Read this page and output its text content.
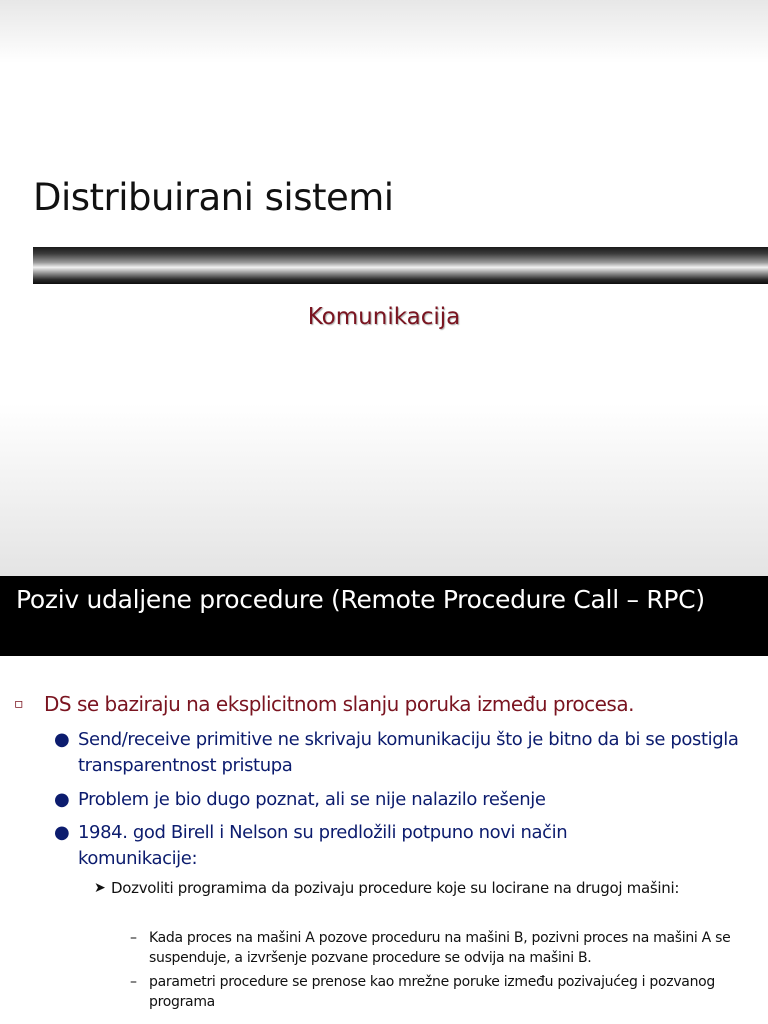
Distribuirani sistemi
Komunikacija
Poziv udaljene procedure (Remote Procedure Call – RPC)
▫ DS se baziraju na eksplicitnom slanju poruka između procesa.
● Send/receive primitive ne skrivaju komunikaciju što je bitno da bi se postigla transparentnost pristupa
● Problem je bio dugo poznat, ali se nije nalazilo rešenje
● 1984. god Birell i Nelson su predložili potpuno novi način komunikacije:
➤ Dozvoliti programima da pozivaju procedure koje su locirane na drugoj mašini:
– Kada proces na mašini A pozove proceduru na mašini B, pozivni proces na mašini A se suspenduje, a izvršenje pozvane procedure se odvija na mašini B.
– parametri procedure se prenose kao mrežne poruke između pozivajućeg i pozvanog programa
